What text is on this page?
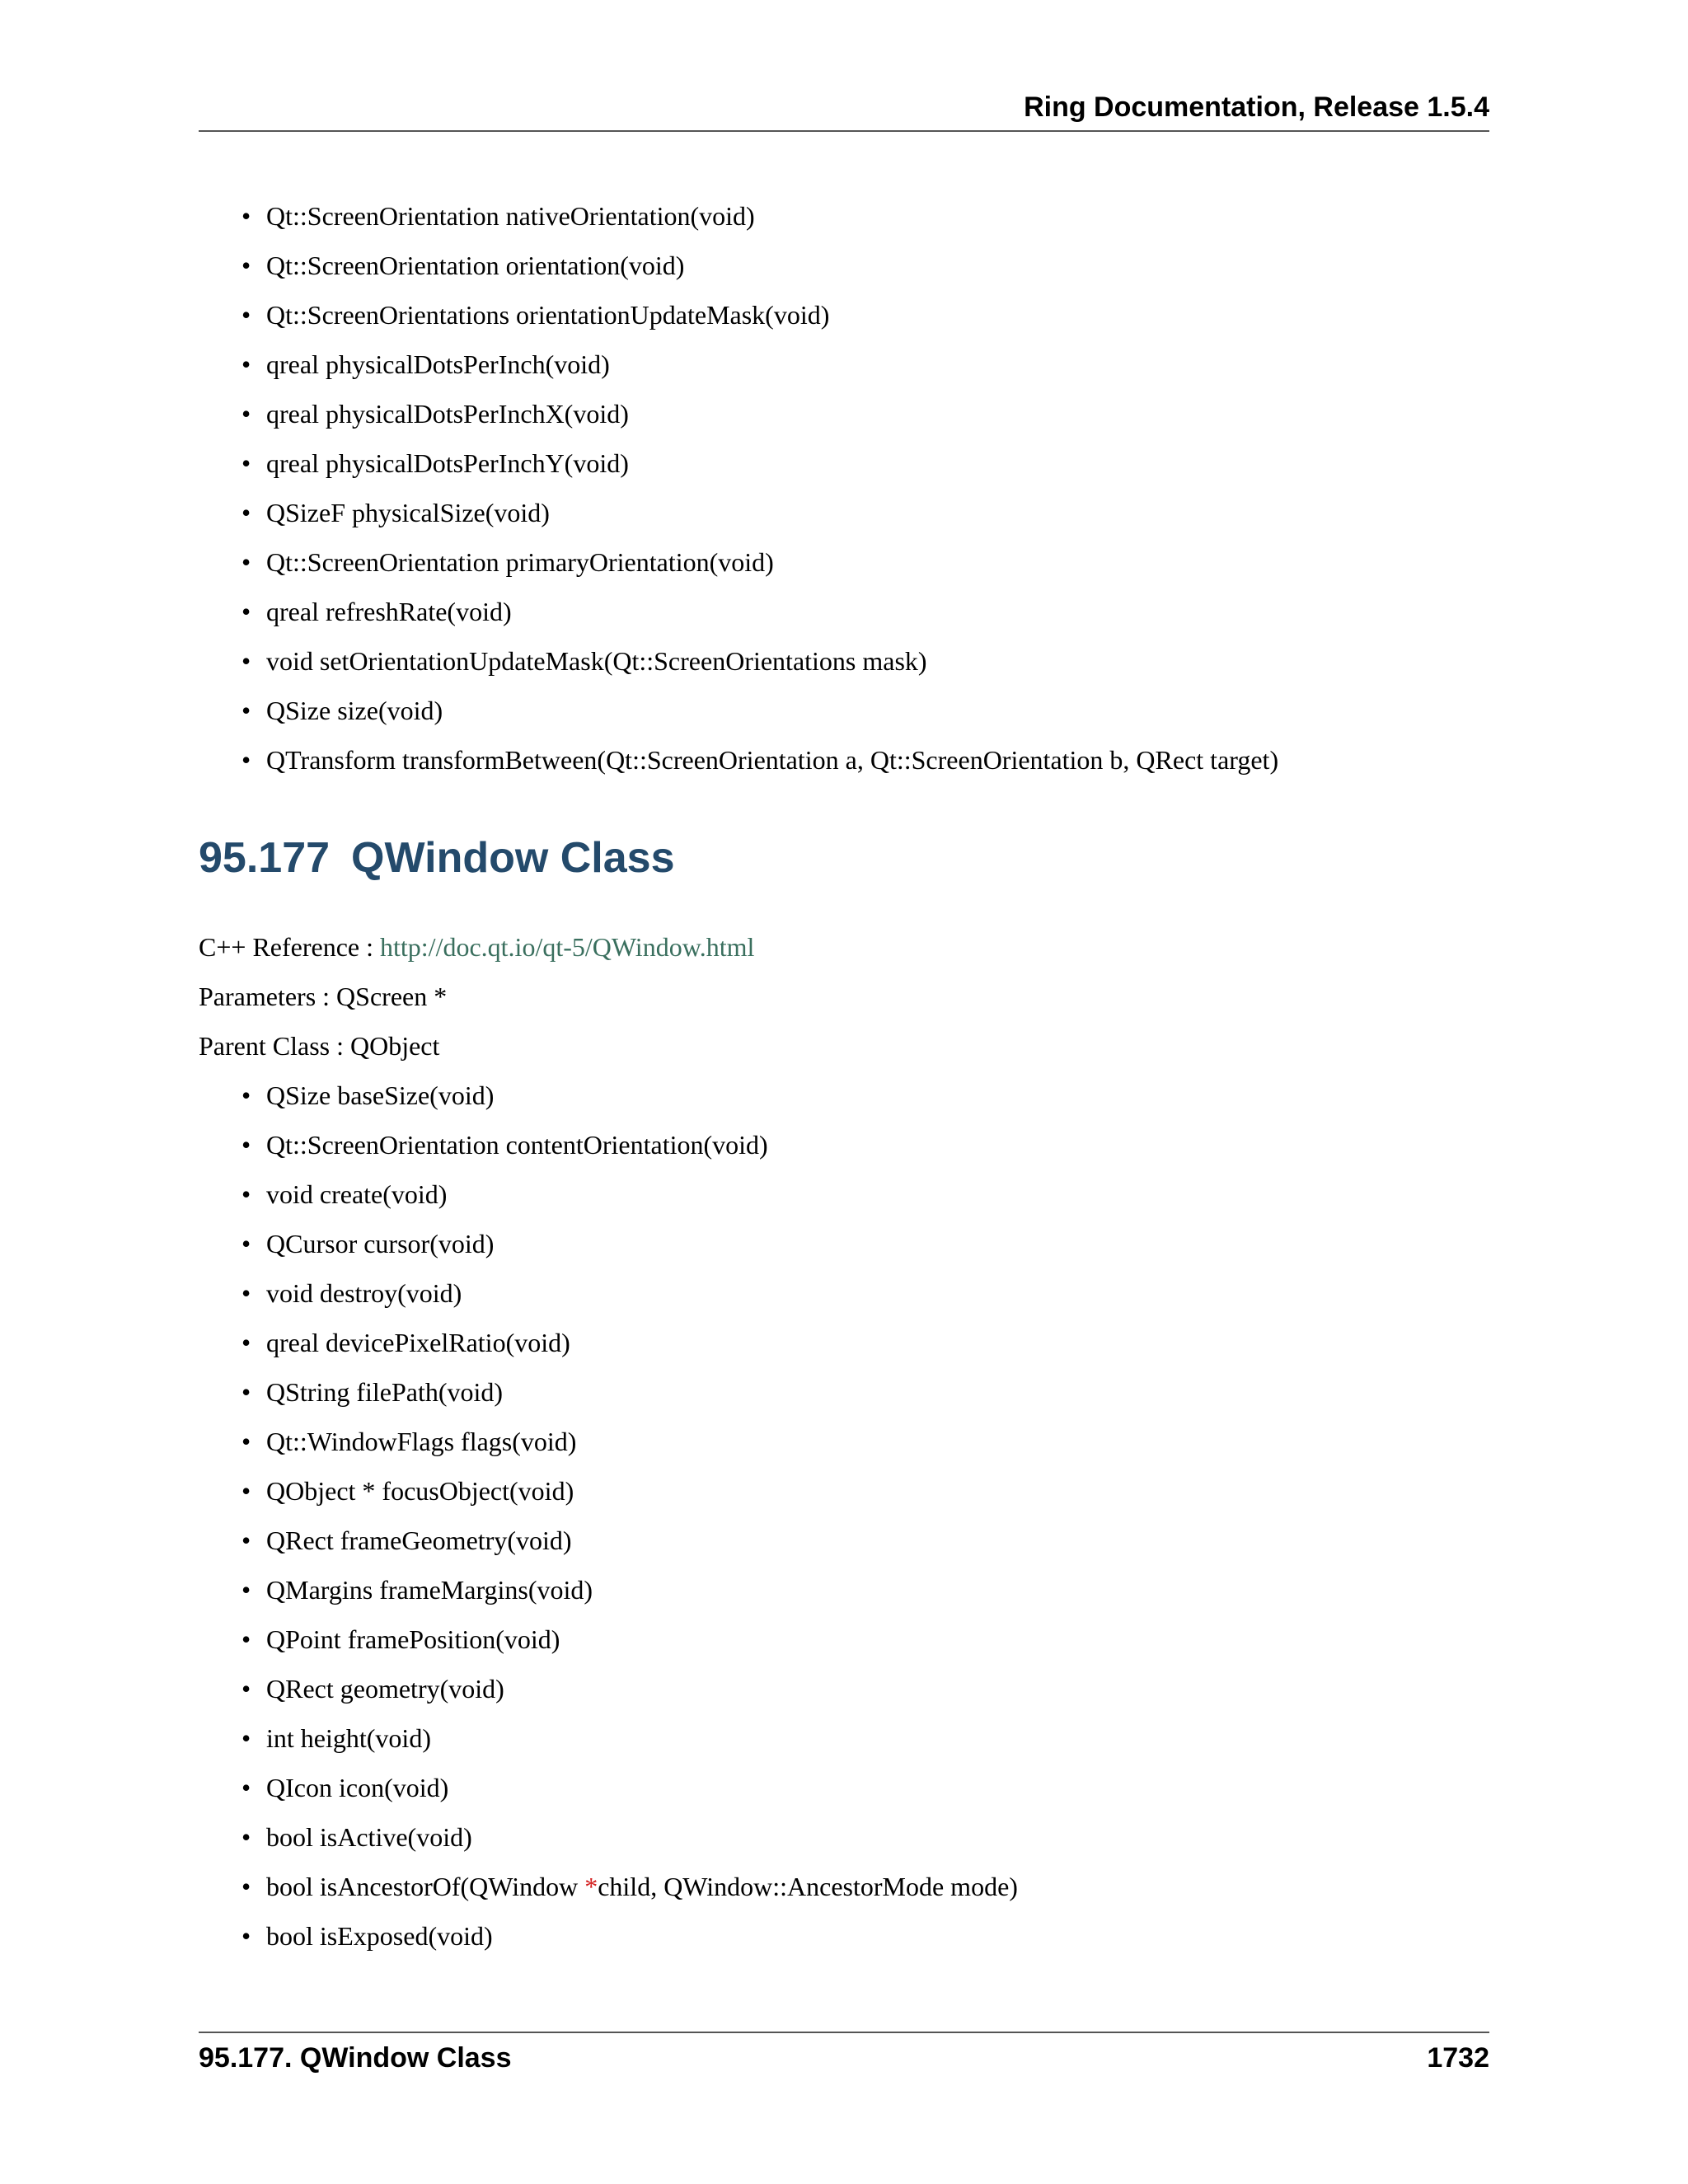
Ring Documentation, Release 1.5.4
• Qt::ScreenOrientation nativeOrientation(void)
• Qt::ScreenOrientation orientation(void)
• Qt::ScreenOrientations orientationUpdateMask(void)
• qreal physicalDotsPerInch(void)
• qreal physicalDotsPerInchX(void)
• qreal physicalDotsPerInchY(void)
• QSizeF physicalSize(void)
• Qt::ScreenOrientation primaryOrientation(void)
• qreal refreshRate(void)
• void setOrientationUpdateMask(Qt::ScreenOrientations mask)
• QSize size(void)
• QTransform transformBetween(Qt::ScreenOrientation a, Qt::ScreenOrientation b, QRect target)
95.177 QWindow Class
C++ Reference : http://doc.qt.io/qt-5/QWindow.html
Parameters : QScreen *
Parent Class : QObject
• QSize baseSize(void)
• Qt::ScreenOrientation contentOrientation(void)
• void create(void)
• QCursor cursor(void)
• void destroy(void)
• qreal devicePixelRatio(void)
• QString filePath(void)
• Qt::WindowFlags flags(void)
• QObject * focusObject(void)
• QRect frameGeometry(void)
• QMargins frameMargins(void)
• QPoint framePosition(void)
• QRect geometry(void)
• int height(void)
• QIcon icon(void)
• bool isActive(void)
• bool isAncestorOf(QWindow *child, QWindow::AncestorMode mode)
• bool isExposed(void)
95.177. QWindow Class	1732
